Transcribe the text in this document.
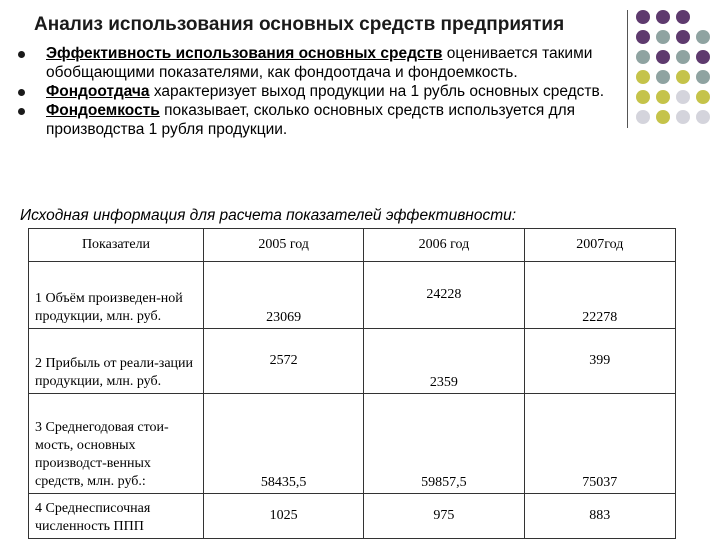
Анализ использования основных средств предприятия
Эффективность использования основных средств оценивается такими обобщающими показателями, как фондоотдача и фондоемкость.
Фондоотдача характеризует выход продукции на 1 рубль основных средств.
Фондоемкость показывает, сколько основных средств используется для производства 1 рубля продукции.
Исходная информация для расчета показателей эффективности:
Показатели	2005 год	2006 год	2007год
1 Объём произведен-ной продукции, млн. руб.	23069	24228	22278
2 Прибыль от реали-зации продукции, млн. руб.	2572	2359	399
3 Среднегодовая стои-мость, основных производст-венных средств, млн. руб.:	58435,5	59857,5	75037
4 Среднесписочная численность ППП	1025	975	883
